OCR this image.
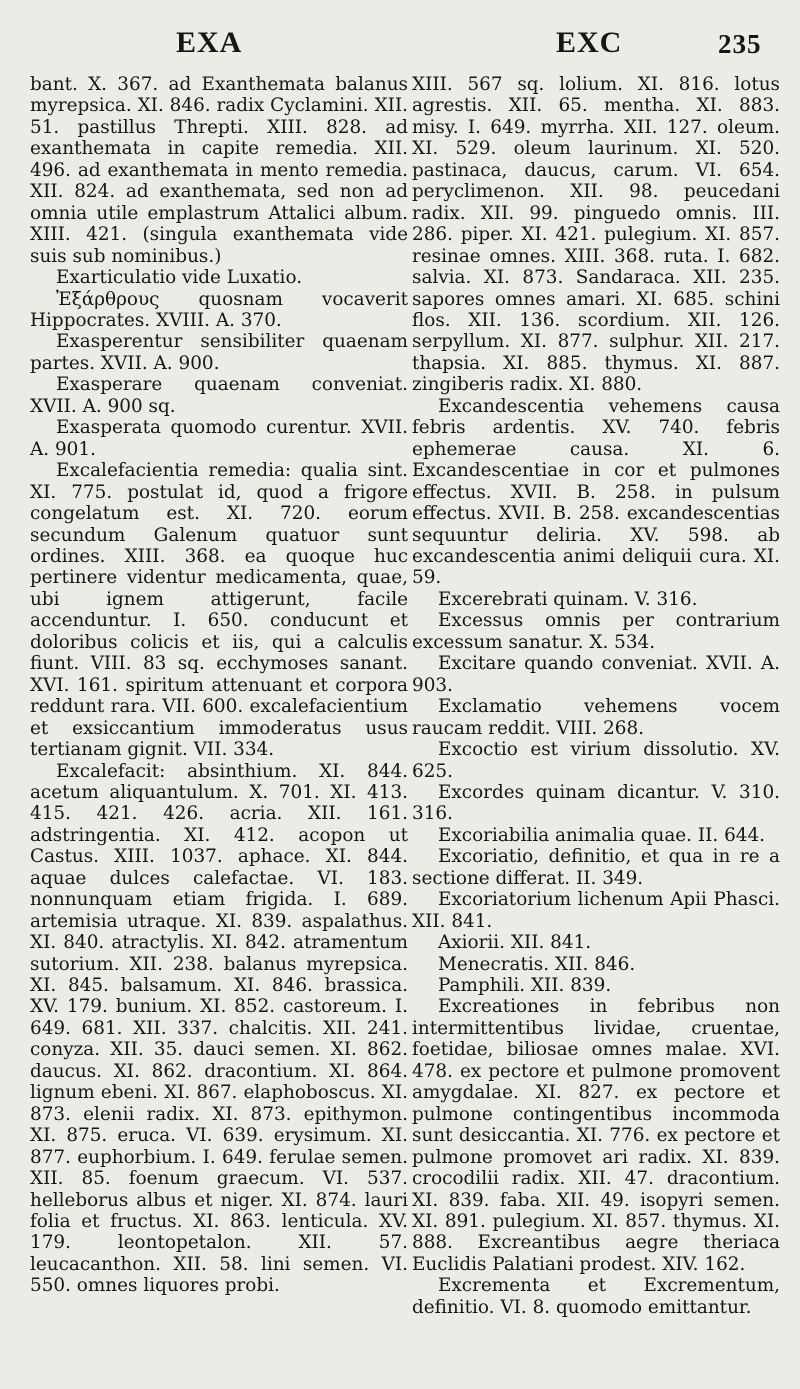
EXA	EXC	235

bant. X. 367. ad Exanthemata balanus myrepsica. XI. 846. radix Cyclamini. XII. 51. pastillus Threpti. XIII. 828. ad exanthemata in capite remedia. XII. 496. ad exanthemata in mento remedia. XII. 824. ad exanthemata, sed non ad omnia utile emplastrum Attalici album. XIII. 421. (singula exanthemata vide suis sub nominibus.)

Exarticulatio vide Luxatio.

Ἐξάρθρους quosnam vocaverit Hippocrates. XVIII. A. 370.

Exasperentur sensibiliter quaenam partes. XVII. A. 900.

Exasperare quaenam conveniat. XVII. A. 900 sq.

Exasperata quomodo curentur. XVII. A. 901.

Excalefacientia remedia: qualia sint. XI. 775. postulat id, quod a frigore congelatum est. XI. 720. eorum secundum Galenum quatuor sunt ordines. XIII. 368. ea quoque huc pertinere videntur medicamenta, quae, ubi ignem attigerunt, facile accenduntur. I. 650. conducunt et doloribus colicis et iis, qui a calculis fiunt. VIII. 83 sq. ecchymoses sanant. XVI. 161. spiritum attenuant et corpora reddunt rara. VII. 600. excalefacientium et exsiccantium immoderatus usus tertianam gignit. VII. 334.

Excalefacit: absinthium. XI. 844. acetum aliquantulum. X. 701. XI. 413. 415. 421. 426. acria. XII. 161. adstringentia. XI. 412. acopon ut Castus. XIII. 1037. aphace. XI. 844. aquae dulces calefactae. VI. 183. nonnunquam etiam frigida. I. 689. artemisia utraque. XI. 839. aspalathus. XI. 840. atractylis. XI. 842. atramentum sutorium. XII. 238. balanus myrepsica. XI. 845. balsamum. XI. 846. brassica. XV. 179. bunium. XI. 852. castoreum. I. 649. 681. XII. 337. chalcitis. XII. 241. conyza. XII. 35. dauci semen. XI. 862. daucus. XI. 862. dracontium. XI. 864. lignum ebeni. XI. 867. elaphoboscus. XI. 873. elenii radix. XI. 873. epithymon. XI. 875. eruca. VI. 639. erysimum. XI. 877. euphorbium. I. 649. ferulae semen. XII. 85. foenum graecum. VI. 537. helleborus albus et niger. XI. 874. lauri folia et fructus. XI. 863. lenticula. XV. 179. leontopetalon. XII. 57. leucacanthon. XII. 58. lini semen. VI. 550. omnes liquores probi.

XIII. 567 sq. lolium. XI. 816. lotus agrestis. XII. 65. mentha. XI. 883. misy. I. 649. myrrha. XII. 127. oleum. XI. 529. oleum laurinum. XI. 520. pastinaca, daucus, carum. VI. 654. peryclimenon. XII. 98. peucedani radix. XII. 99. pinguedo omnis. III. 286. piper. XI. 421. pulegium. XI. 857. resinae omnes. XIII. 368. ruta. I. 682. salvia. XI. 873. Sandaraca. XII. 235. sapores omnes amari. XI. 685. schini flos. XII. 136. scordium. XII. 126. serpyllum. XI. 877. sulphur. XII. 217. thapsia. XI. 885. thymus. XI. 887. zingiberis radix. XI. 880.

Excandescentia vehemens causa febris ardentis. XV. 740. febris ephemerae causa. XI. 6. Excandescentiae in cor et pulmones effectus. XVII. B. 258. in pulsum effectus. XVII. B. 258. excandescentias sequuntur deliria. XV. 598. ab excandescentia animi deliquii cura. XI. 59.

Excerebrati quinam. V. 316.

Excessus omnis per contrarium excessum sanatur. X. 534.

Excitare quando conveniat. XVII. A. 903.

Exclamatio vehemens vocem raucam reddit. VIII. 268.

Excoctio est virium dissolutio. XV. 625.

Excordes quinam dicantur. V. 310. 316.

Excoriabilia animalia quae. II. 644.

Excoriatio, definitio, et qua in re a sectione differat. II. 349.

Excoriatorium lichenum Apii Phasci. XII. 841.

Axiorii. XII. 841.

Menecratis. XII. 846.

Pamphili. XII. 839.

Excreationes in febribus non intermittentibus lividae, cruentae, foetidae, biliosae omnes malae. XVI. 478. ex pectore et pulmone promovent amygdalae. XI. 827. ex pectore et pulmone contingentibus incommoda sunt desiccantia. XI. 776. ex pectore et pulmone promovet ari radix. XI. 839. crocodilii radix. XII. 47. dracontium. XI. 839. faba. XII. 49. isopyri semen. XI. 891. pulegium. XI. 857. thymus. XI. 888. Excreantibus aegre theriaca Euclidis Palatiani prodest. XIV. 162.

Excrementa et Excrementum, definitio. VI. 8. quomodo emittantur.
